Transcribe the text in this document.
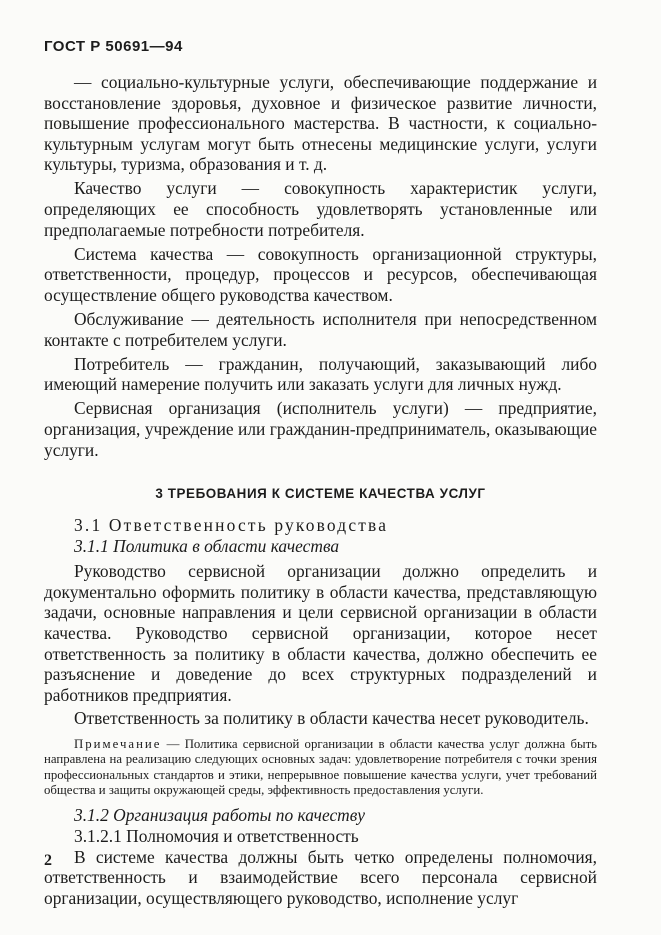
ГОСТ Р 50691—94

— социально-культурные услуги, обеспечивающие поддержание и восстановление здоровья, духовное и физическое развитие личности, повышение профессионального мастерства. В частности, к социально-культурным услугам могут быть отнесены медицинские услуги, услуги культуры, туризма, образования и т. д.

Качество услуги — совокупность характеристик услуги, определяющих ее способность удовлетворять установленные или предполагаемые потребности потребителя.

Система качества — совокупность организационной структуры, ответственности, процедур, процессов и ресурсов, обеспечивающая осуществление общего руководства качеством.

Обслуживание — деятельность исполнителя при непосредственном контакте с потребителем услуги.

Потребитель — гражданин, получающий, заказывающий либо имеющий намерение получить или заказать услуги для личных нужд.

Сервисная организация (исполнитель услуги) — предприятие, организация, учреждение или гражданин-предприниматель, оказывающие услуги.

3 ТРЕБОВАНИЯ К СИСТЕМЕ КАЧЕСТВА УСЛУГ

3.1 Ответственность руководства

3.1.1 Политика в области качества

Руководство сервисной организации должно определить и документально оформить политику в области качества, представляющую задачи, основные направления и цели сервисной организации в области качества. Руководство сервисной организации, которое несет ответственность за политику в области качества, должно обеспечить ее разъяснение и доведение до всех структурных подразделений и работников предприятия.

Ответственность за политику в области качества несет руководитель.

Примечание — Политика сервисной организации в области качества услуг должна быть направлена на реализацию следующих основных задач: удовлетворение потребителя с точки зрения профессиональных стандартов и этики, непрерывное повышение качества услуги, учет требований общества и защиты окружающей среды, эффективность предоставления услуги.

3.1.2 Организация работы по качеству

3.1.2.1 Полномочия и ответственность

В системе качества должны быть четко определены полномочия, ответственность и взаимодействие всего персонала сервисной организации, осуществляющего руководство, исполнение услуг

2
